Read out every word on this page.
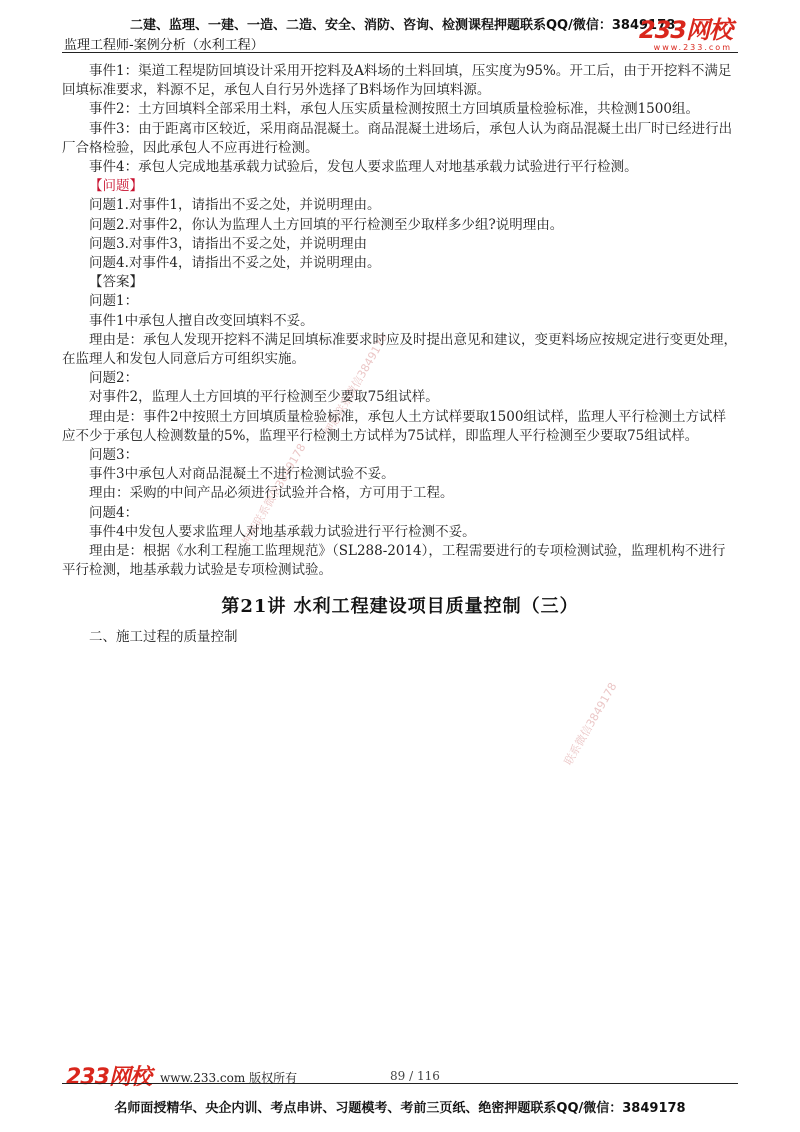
二建、监理、一建、一造、二造、安全、消防、咨询、检测课程押题联系QQ/微信：3849178
监理工程师-案例分析（水利工程）
233网校
www.233.com
押题联系微信3849178
联系微信3849178
押题联系微信3849178

事件1：渠道工程堤防回填设计采用开挖料及A料场的土料回填，压实度为95%。开工后，由于开挖料不满足回填标准要求，料源不足，承包人自行另外选择了B料场作为回填料源。

事件2：土方回填料全部采用土料，承包人压实质量检测按照土方回填质量检验标准，共检测1500组。

事件3：由于距离市区较近，采用商品混凝土。商品混凝土进场后，承包人认为商品混凝土出厂时已经进行出厂合格检验，因此承包人不应再进行检测。

事件4：承包人完成地基承载力试验后，发包人要求监理人对地基承载力试验进行平行检测。

【问题】

问题1.对事件1，请指出不妥之处，并说明理由。

问题2.对事件2，你认为监理人土方回填的平行检测至少取样多少组?说明理由。

问题3.对事件3，请指出不妥之处，并说明理由

问题4.对事件4，请指出不妥之处，并说明理由。

【答案】

问题1：

事件1中承包人擅自改变回填料不妥。

理由是：承包人发现开挖料不满足回填标准要求时应及时提出意见和建议，变更料场应按规定进行变更处理，在监理人和发包人同意后方可组织实施。

问题2：

对事件2，监理人土方回填的平行检测至少要取75组试样。

理由是：事件2中按照土方回填质量检验标准，承包人土方试样要取1500组试样，监理人平行检测土方试样应不少于承包人检测数量的5%，监理平行检测土方试样为75试样，即监理人平行检测至少要取75组试样。

问题3：

事件3中承包人对商品混凝土不进行检测试验不妥。

理由：采购的中间产品必须进行试验并合格，方可用于工程。

问题4：

事件4中发包人要求监理人对地基承载力试验进行平行检测不妥。

理由是：根据《水利工程施工监理规范》（SL288-2014），工程需要进行的专项检测试验，监理机构不进行平行检测，地基承载力试验是专项检测试验。

第21讲 水利工程建设项目质量控制（三）

二、施工过程的质量控制

233网校 www.233.com 版权所有	89 / 116
名师面授精华、央企内训、考点串讲、习题模考、考前三页纸、绝密押题联系QQ/微信：3849178
